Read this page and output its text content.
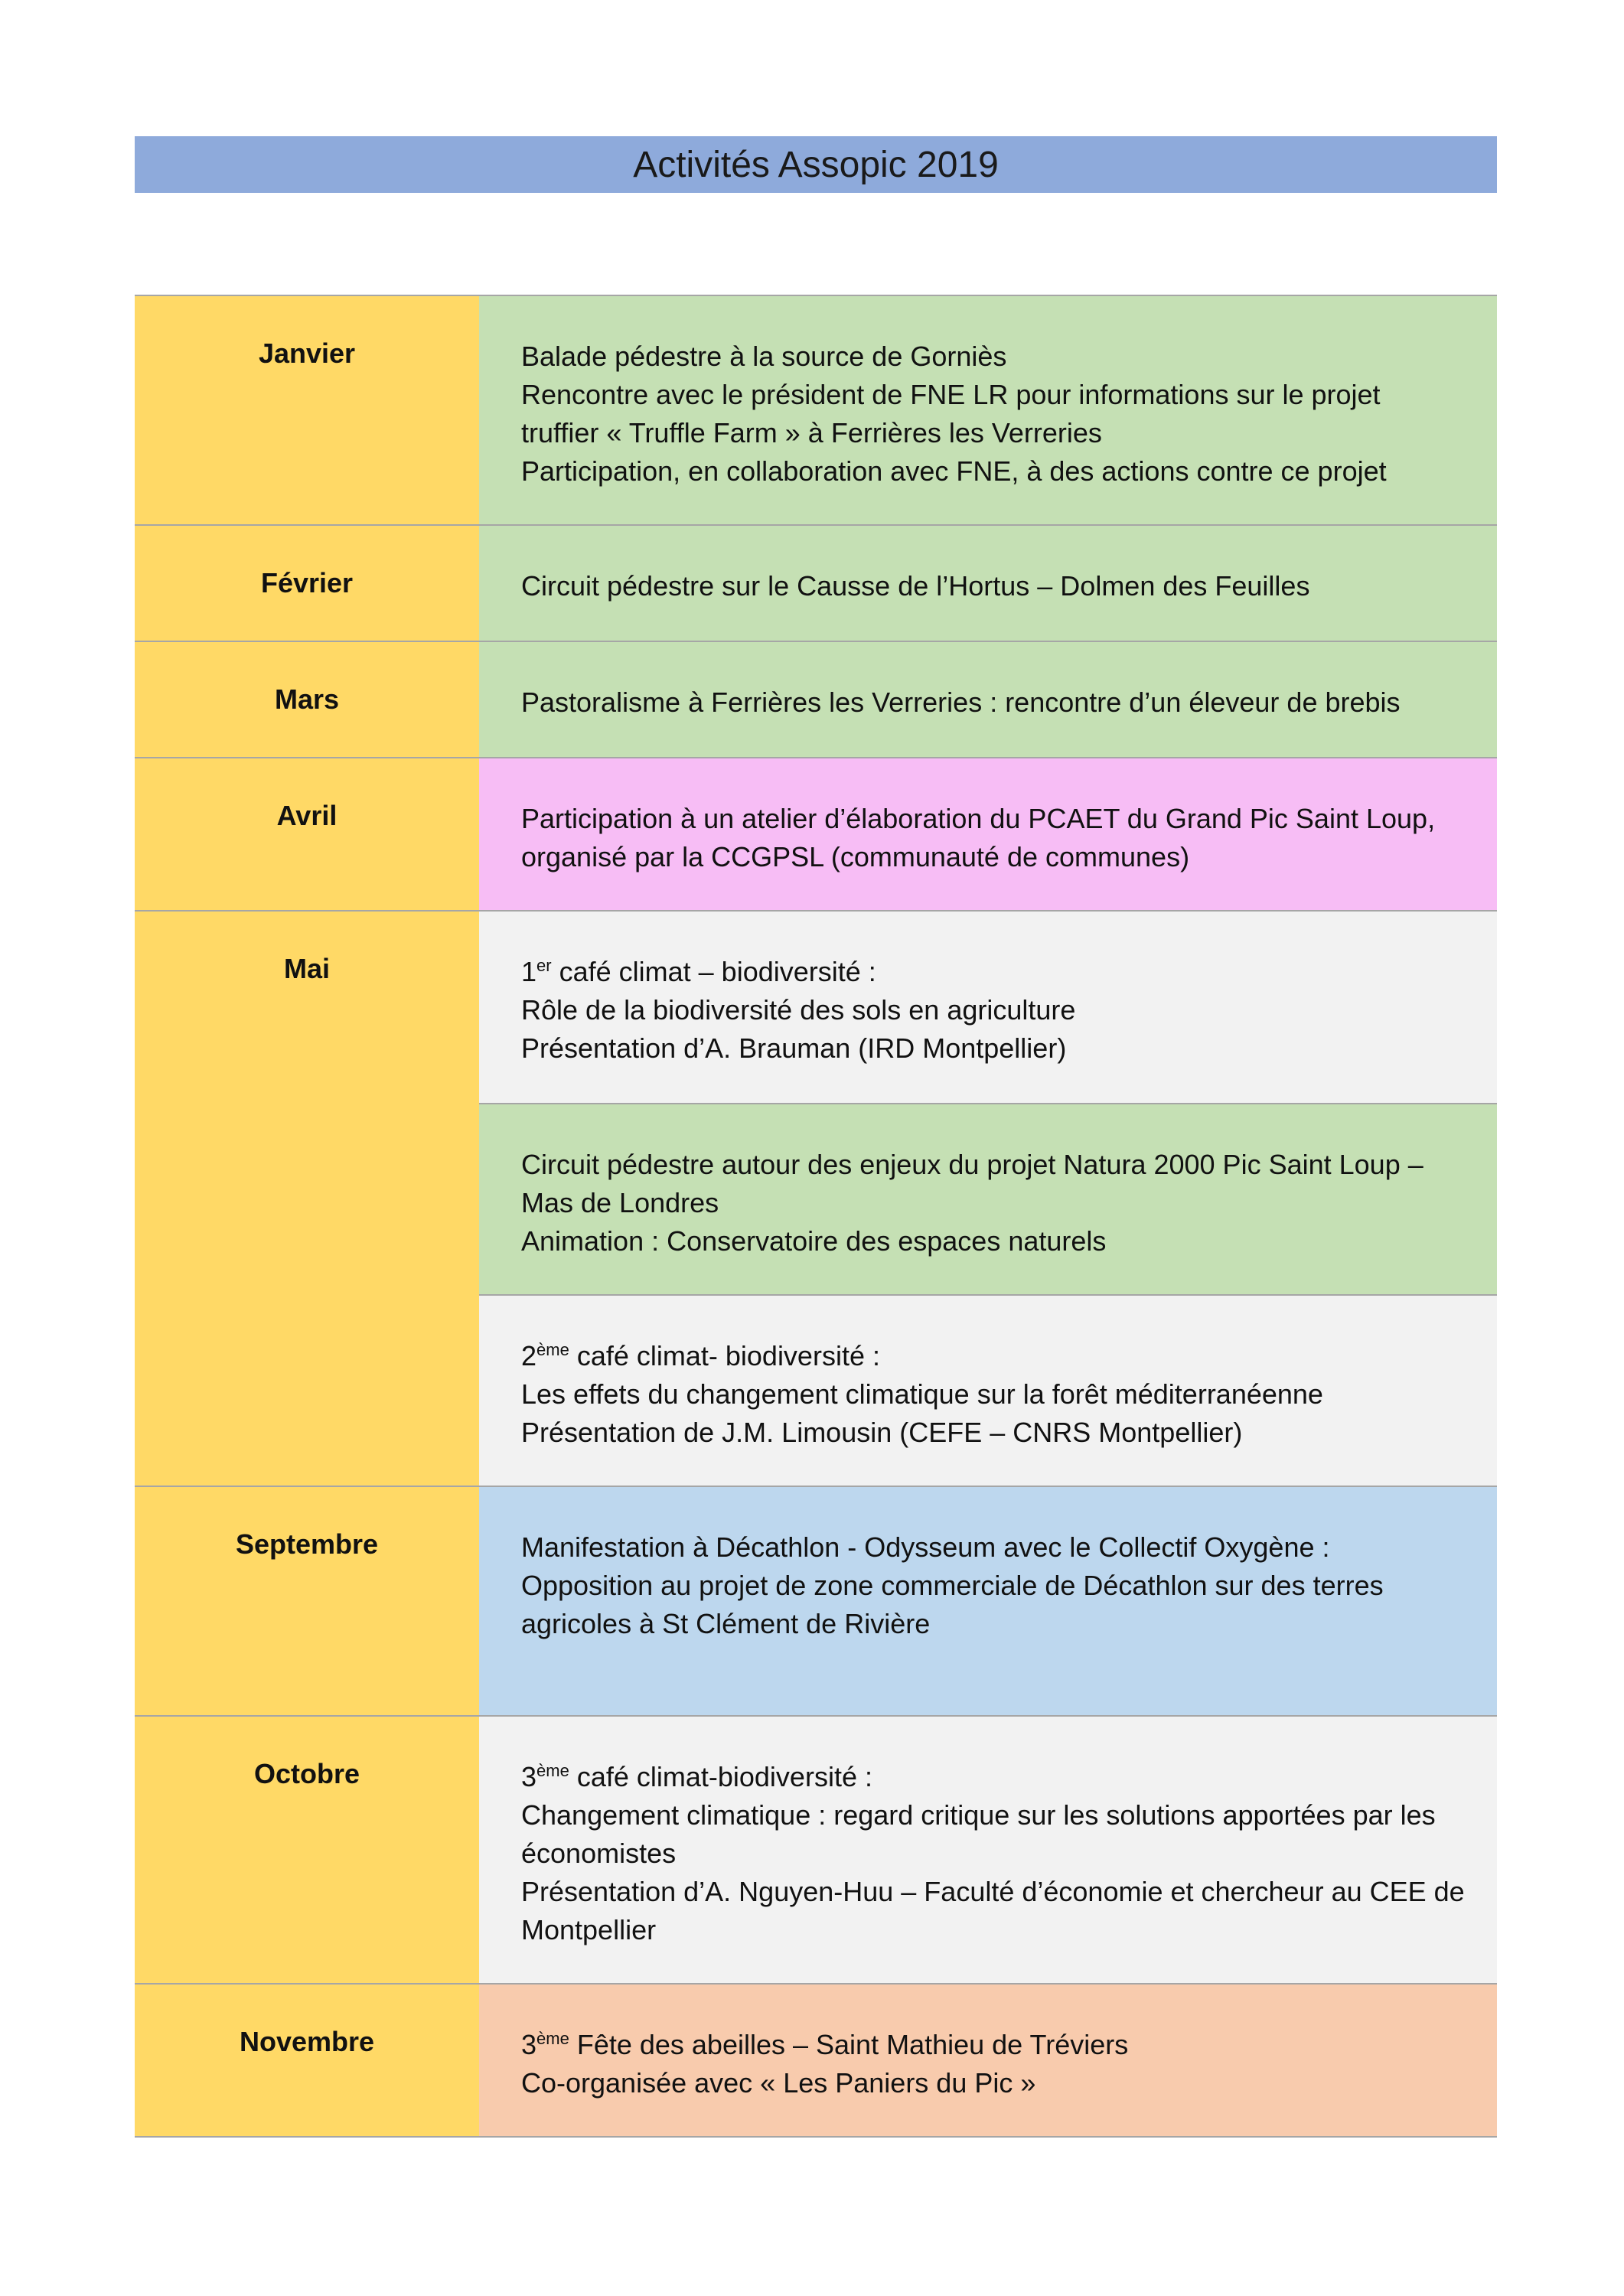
Activités Assopic 2019
Janvier	Balade pédestre à la source de Gorniès
Rencontre avec le président de FNE LR pour informations sur le projet
truffier « Truffle Farm » à Ferrières les Verreries
Participation, en collaboration avec FNE, à des actions contre ce projet
Février	Circuit pédestre sur le Causse de l’Hortus – Dolmen des Feuilles
Mars	Pastoralisme à Ferrières les Verreries : rencontre d’un éleveur de brebis
Avril	Participation à un atelier d’élaboration du PCAET du Grand Pic Saint Loup,
organisé par la CCGPSL (communauté de communes)
Mai	1er café climat – biodiversité :
Rôle de la biodiversité des sols en agriculture
Présentation d’A. Brauman (IRD Montpellier)
Circuit pédestre autour des enjeux du projet Natura 2000 Pic Saint Loup –
Mas de Londres
Animation : Conservatoire des espaces naturels
2ème café climat- biodiversité :
Les effets du changement climatique sur la forêt méditerranéenne
Présentation de J.M. Limousin (CEFE – CNRS Montpellier)
Septembre	Manifestation à Décathlon - Odysseum avec le Collectif Oxygène :
Opposition au projet de zone commerciale de Décathlon sur des terres
agricoles à St Clément de Rivière
Octobre	3ème café climat-biodiversité :
Changement climatique : regard critique sur les solutions apportées par les
économistes
Présentation d’A. Nguyen-Huu – Faculté d’économie et chercheur au CEE de
Montpellier
Novembre	3ème Fête des abeilles – Saint Mathieu de Tréviers
Co-organisée avec « Les Paniers du Pic »
